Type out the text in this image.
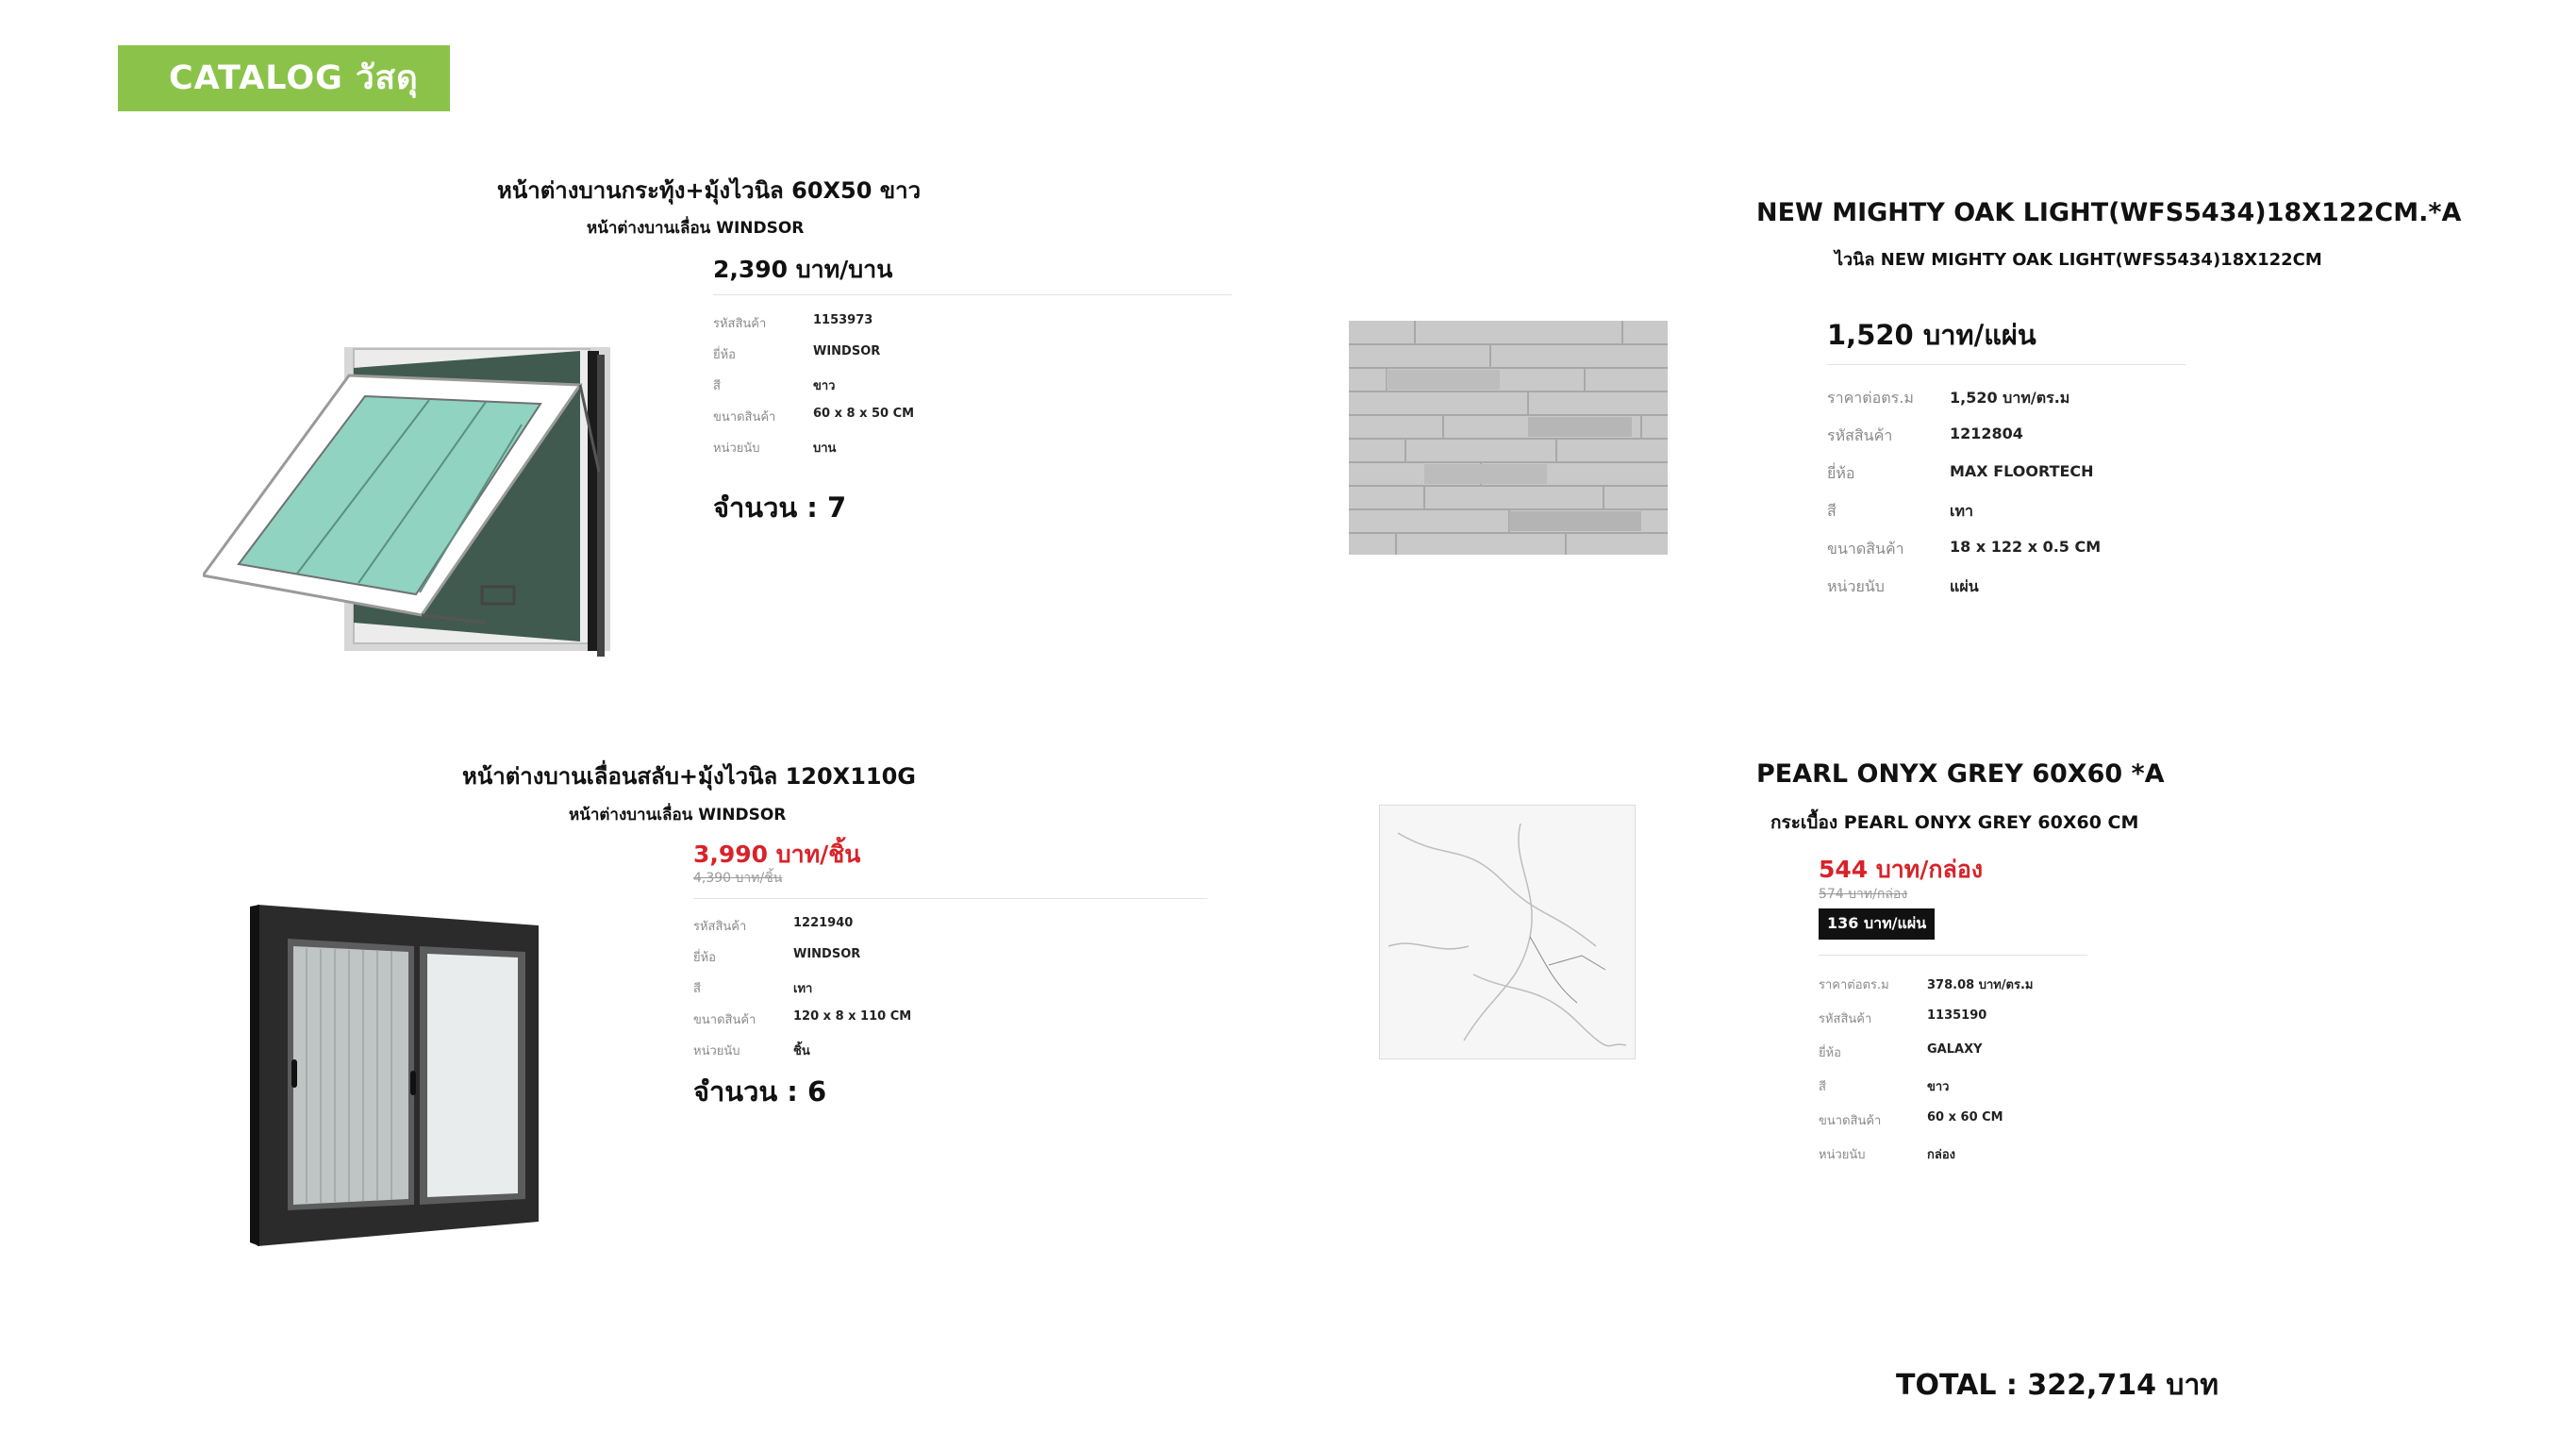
CATALOG วัสดุ
หน้าต่างบานกระทุ้ง+มุ้งไวนิล 60X50 ขาว
หน้าต่างบานเลื่อน WINDSOR
2,390 บาท/บาน
รหัสสินค้า	1153973
ยี่ห้อ	WINDSOR
สี	ขาว
ขนาดสินค้า	60 x 8 x 50 CM
หน่วยนับ	บาน
จำนวน : 7
NEW MIGHTY OAK LIGHT(WFS5434)18X122CM.*A
ไวนิล NEW MIGHTY OAK LIGHT(WFS5434)18X122CM
1,520 บาท/แผ่น
ราคาต่อตร.ม 1,520 บาท/ตร.ม
รหัสสินค้า	1212804
ยี่ห้อ	MAX FLOORTECH
สี	เทา
ขนาดสินค้า	18 x 122 x 0.5 CM
หน่วยนับ	แผ่น
หน้าต่างบานเลื่อนสลับ+มุ้งไวนิล 120X110G
หน้าต่างบานเลื่อน WINDSOR
3,990 บาท/ชิ้น
4,390 บาท/ชิ้น
รหัสสินค้า	1221940
ยี่ห้อ	WINDSOR
สี	เทา
ขนาดสินค้า	120 x 8 x 110 CM
หน่วยนับ	ชิ้น
จำนวน : 6
PEARL ONYX GREY 60X60 *A
กระเบื้อง PEARL ONYX GREY 60X60 CM
544 บาท/กล่อง
574 บาท/กล่อง
136 บาท/แผ่น
ราคาต่อตร.ม	378.08 บาท/ตร.ม
รหัสสินค้า	1135190
ยี่ห้อ	GALAXY
สี	ขาว
ขนาดสินค้า	60 x 60 CM
หน่วยนับ	กล่อง
TOTAL : 322,714 บาท
